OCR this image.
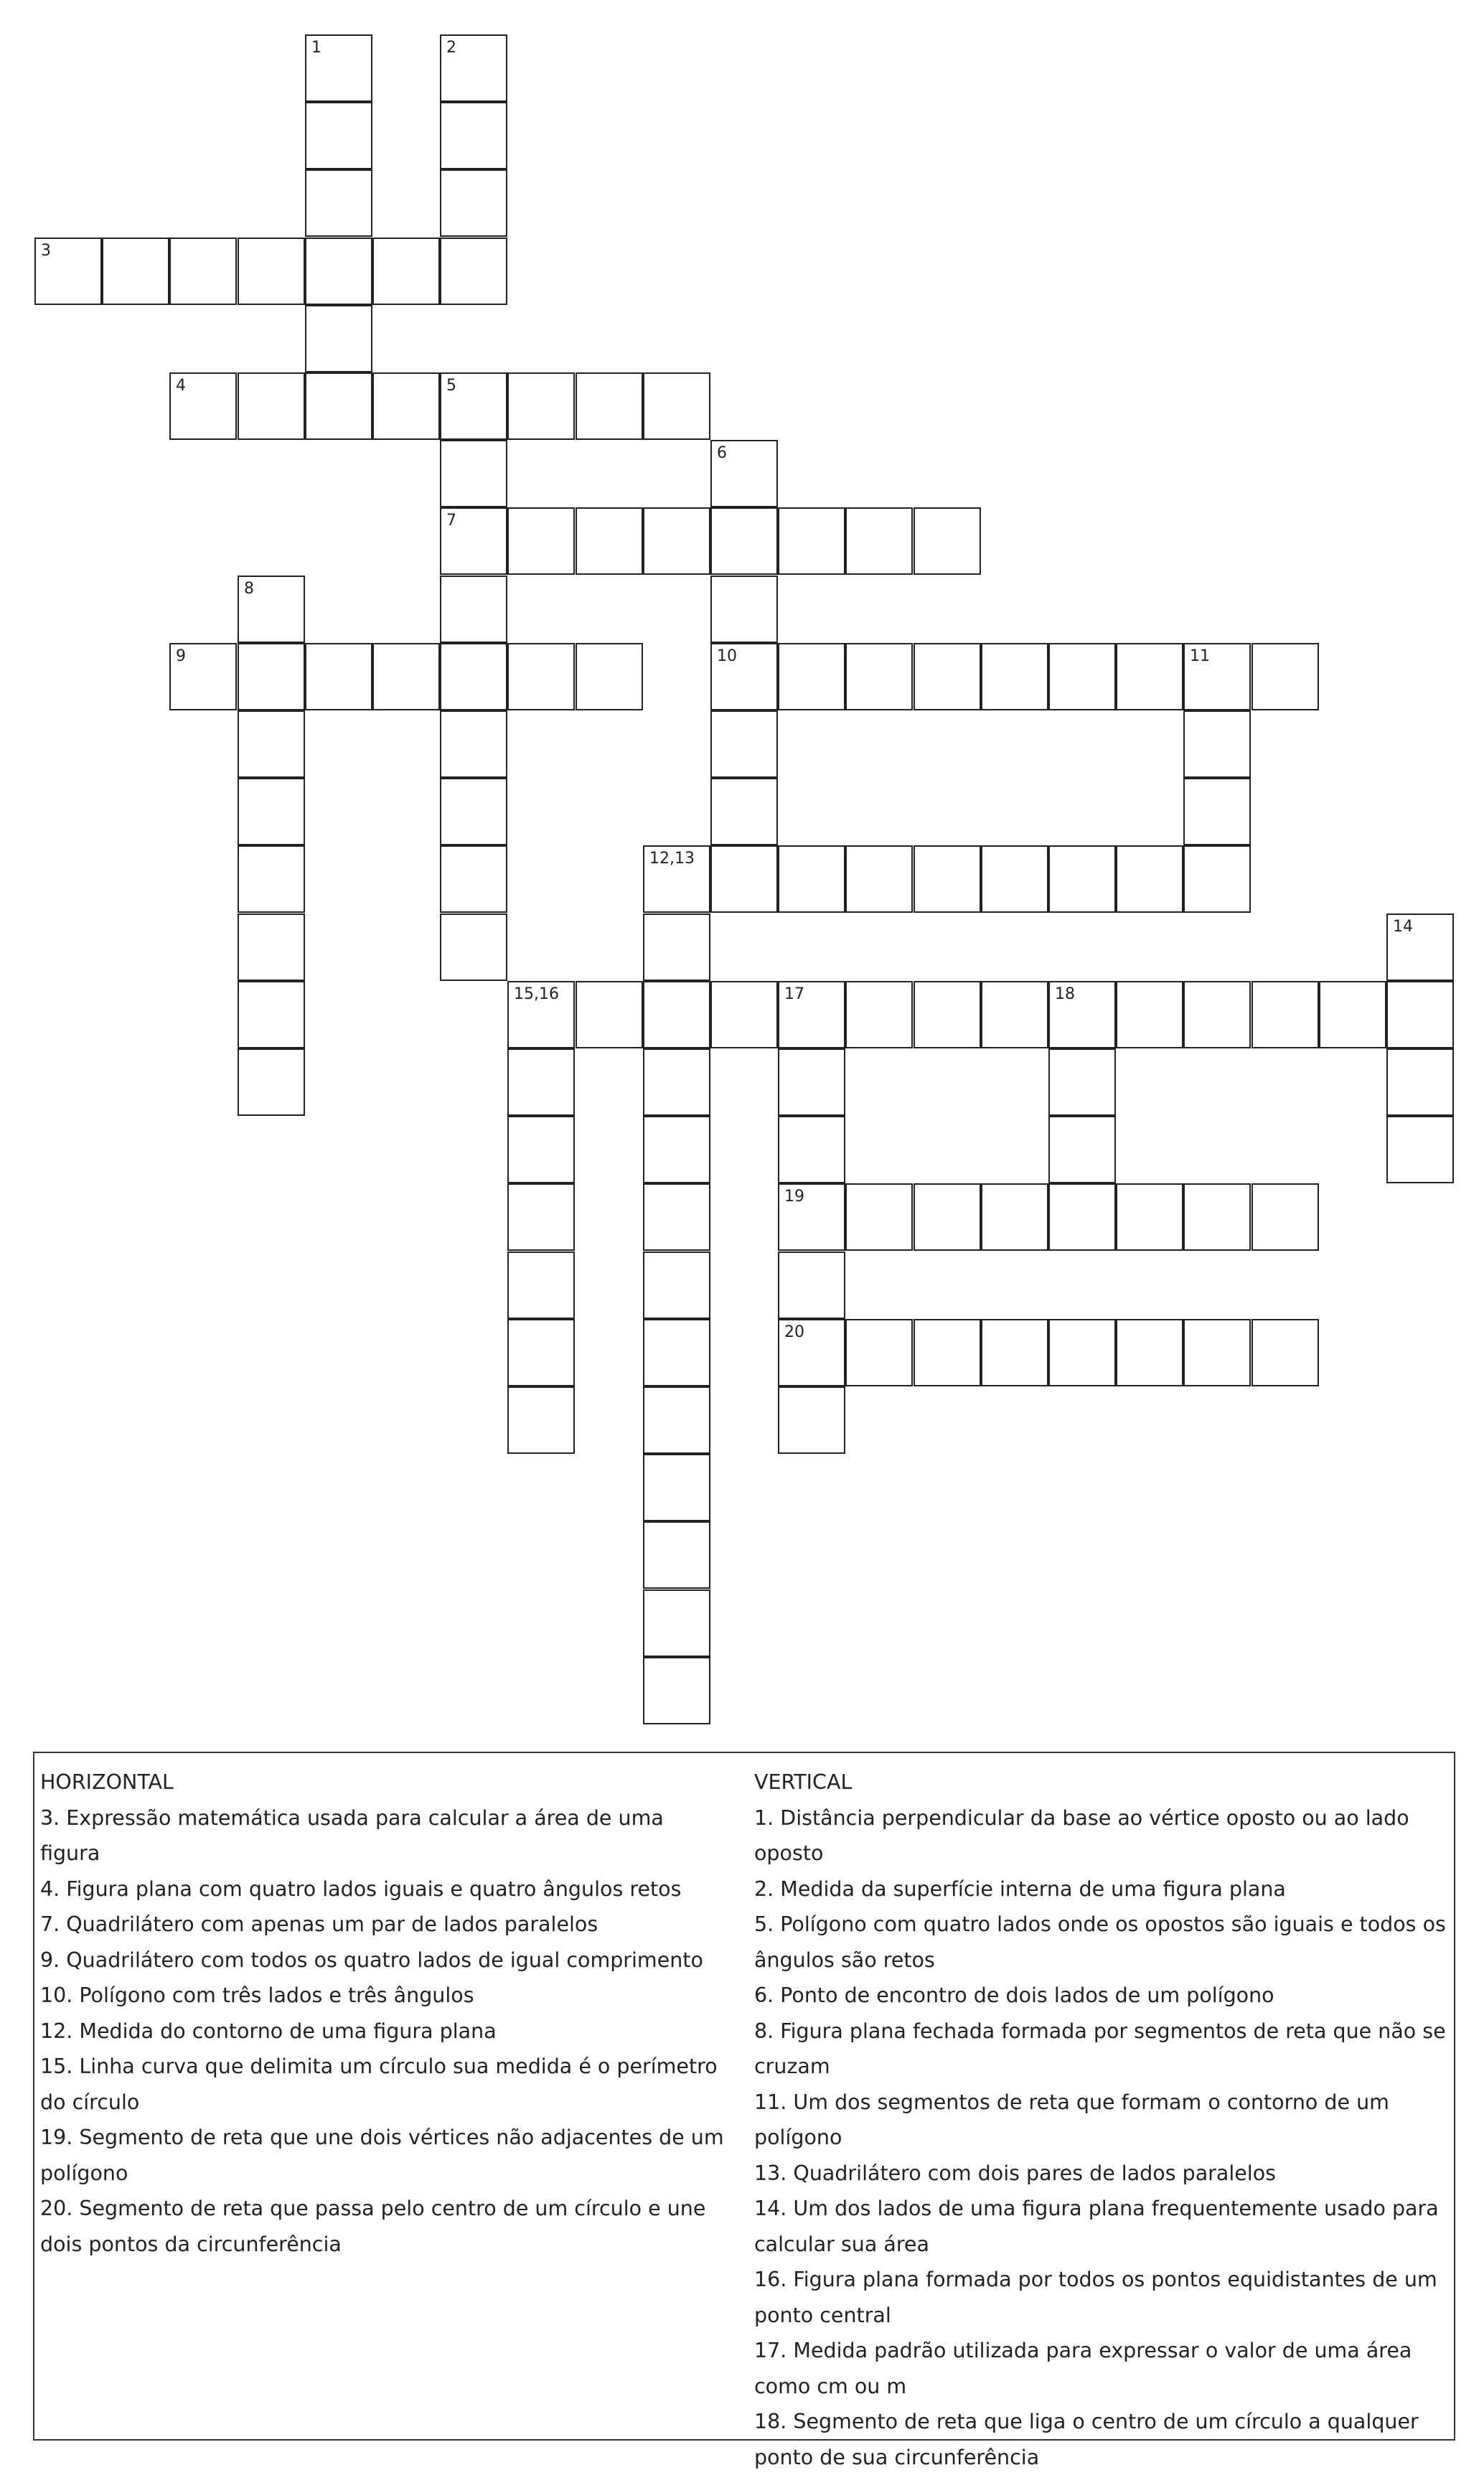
1	2
3
4	5
7
6
10
8
9	11
12,13
14
15,16	17	18
19
20
HORIZONTAL
3. Expressão matemática usada para calcular a área de uma figura
4. Figura plana com quatro lados iguais e quatro ângulos retos
7. Quadrilátero com apenas um par de lados paralelos
9. Quadrilátero com todos os quatro lados de igual comprimento
10. Polígono com três lados e três ângulos
12. Medida do contorno de uma figura plana
15. Linha curva que delimita um círculo sua medida é o perímetro do círculo
19. Segmento de reta que une dois vértices não adjacentes de um polígono
20. Segmento de reta que passa pelo centro de um círculo e une dois pontos da circunferência
VERTICAL
1. Distância perpendicular da base ao vértice oposto ou ao lado oposto
2. Medida da superfície interna de uma figura plana
5. Polígono com quatro lados onde os opostos são iguais e todos os ângulos são retos
6. Ponto de encontro de dois lados de um polígono
8. Figura plana fechada formada por segmentos de reta que não se cruzam
11. Um dos segmentos de reta que formam o contorno de um polígono
13. Quadrilátero com dois pares de lados paralelos
14. Um dos lados de uma figura plana frequentemente usado para calcular sua área
16. Figura plana formada por todos os pontos equidistantes de um ponto central
17. Medida padrão utilizada para expressar o valor de uma área como cm ou m
18. Segmento de reta que liga o centro de um círculo a qualquer ponto de sua circunferência
